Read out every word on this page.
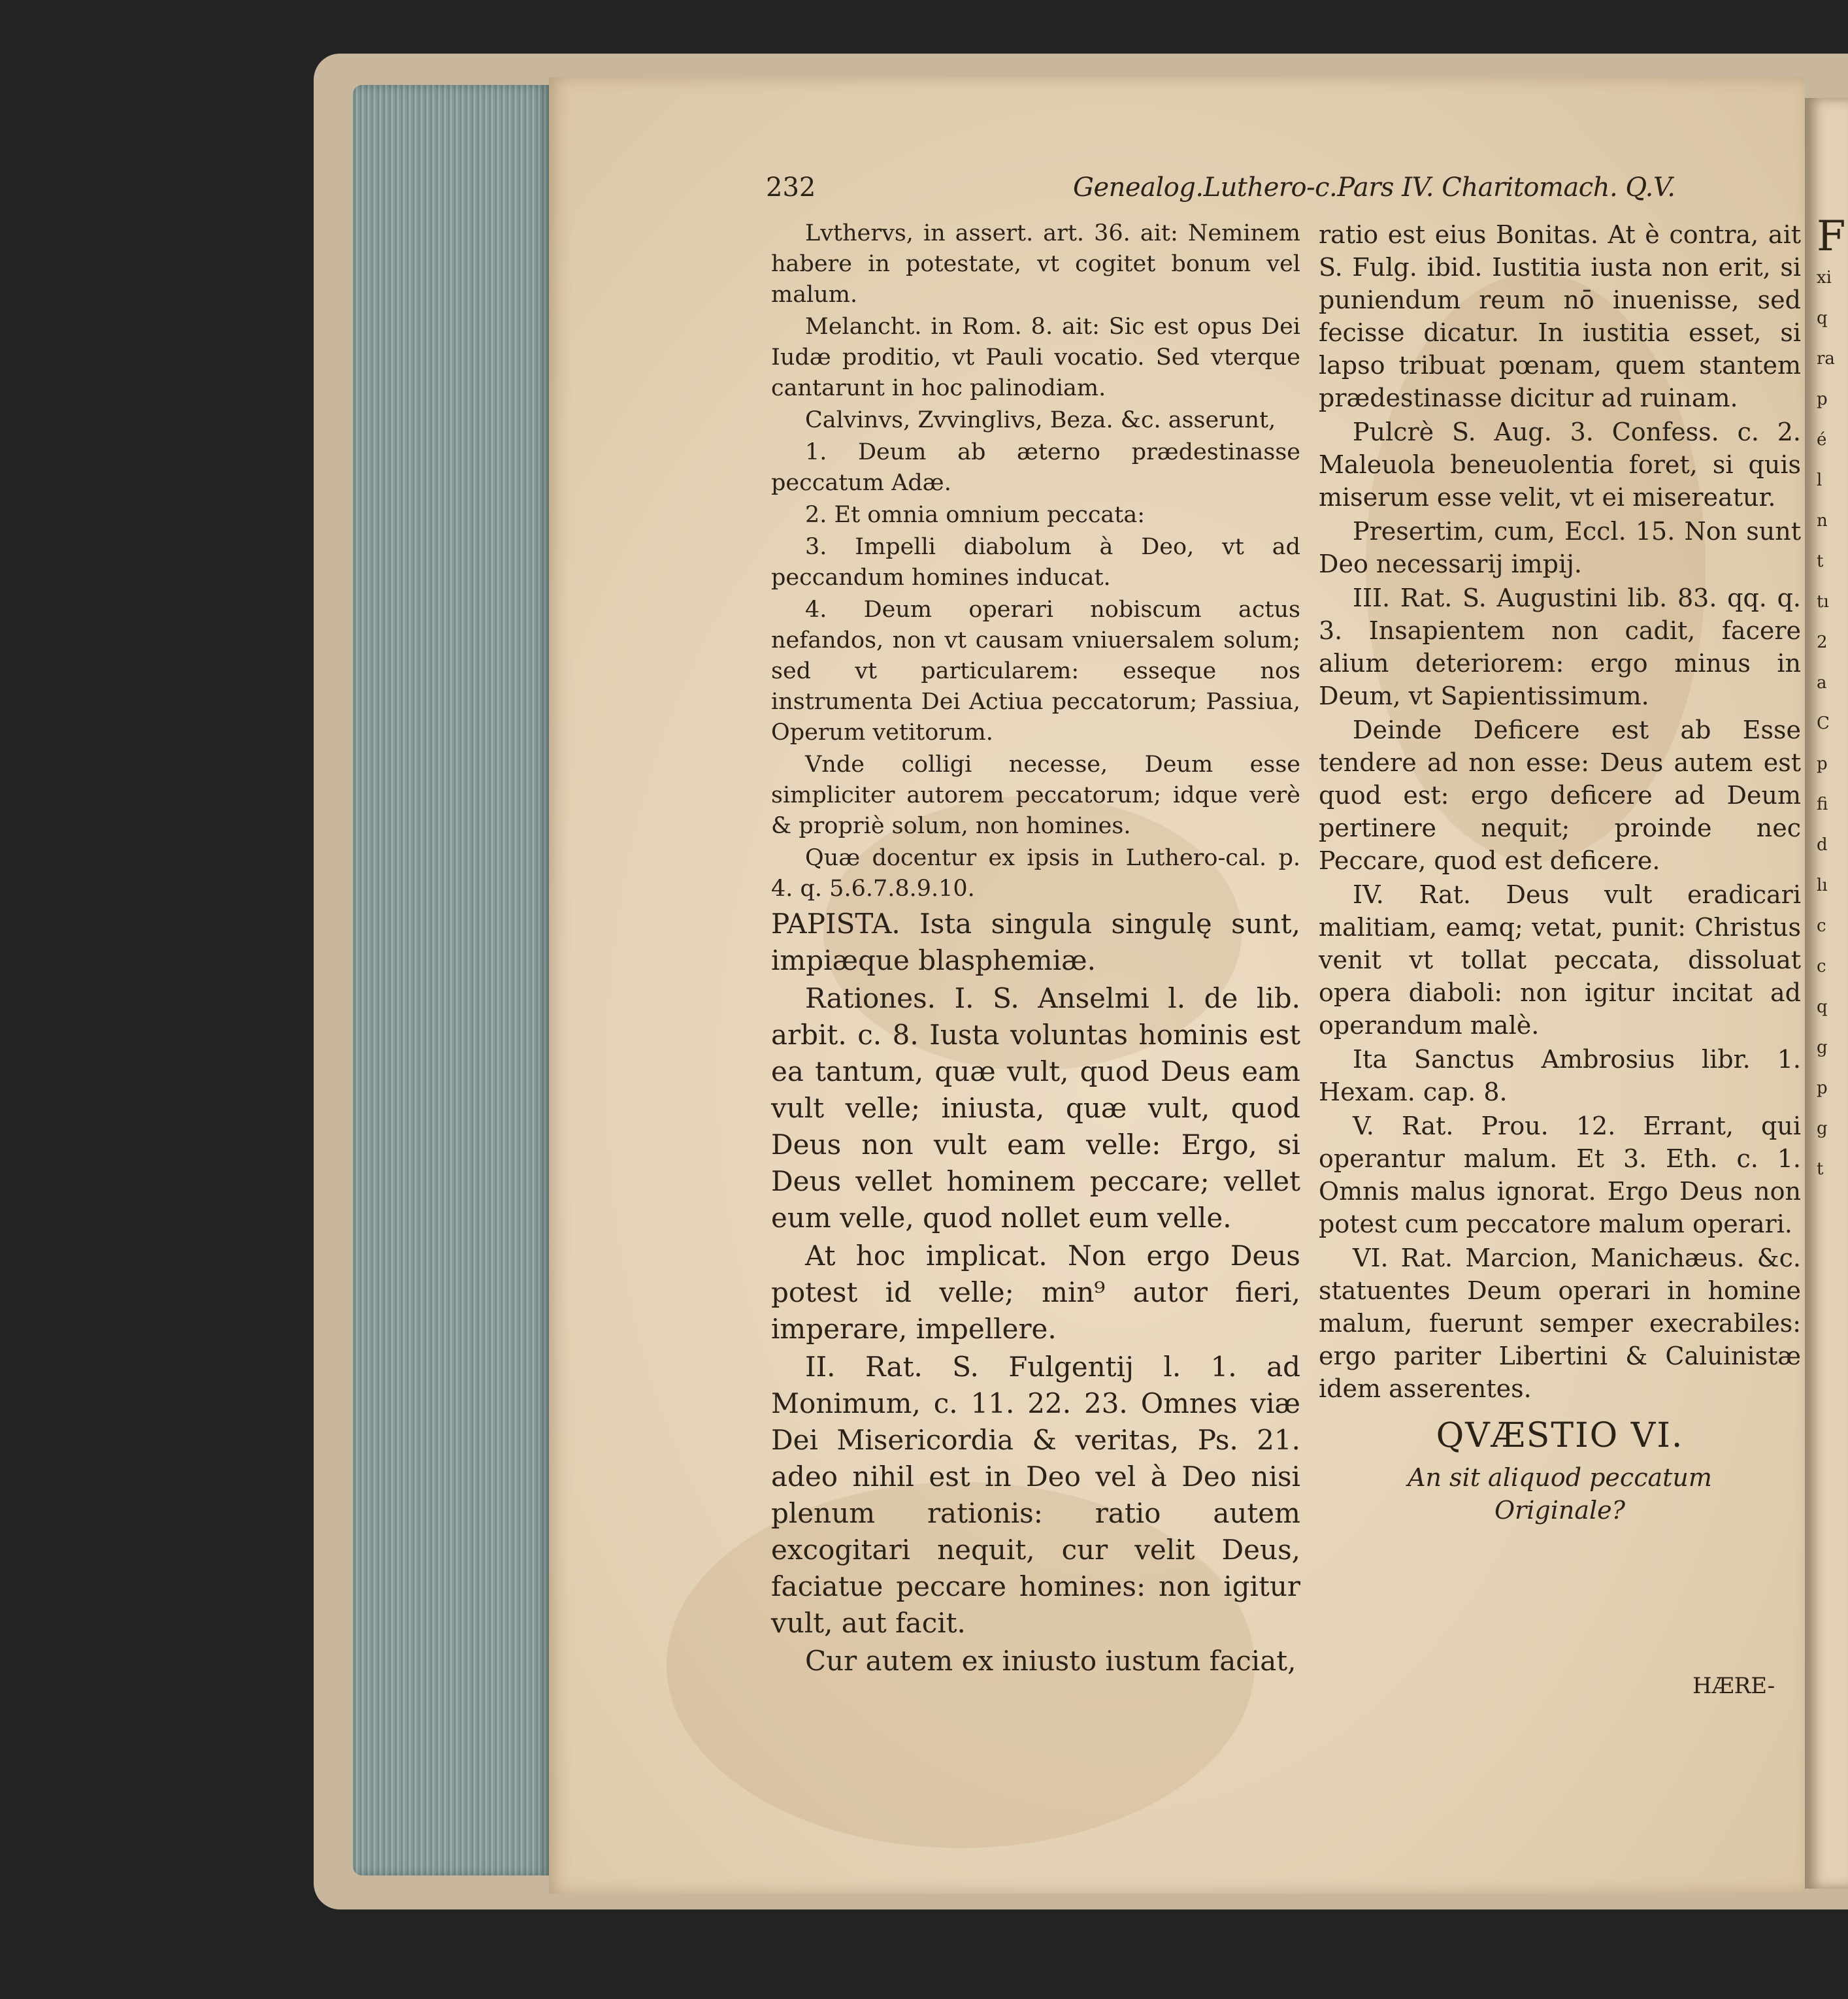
F
xi
q
ra
p
é
l
n
t
tı
2
a
C
p
fi
d
lı
c
c
q
g
p
g
t
232	Genealog.Luthero-c.Pars IV. Charitomach. Q.V.

Lvthervs, in assert. art. 36. ait: Neminem habere in potestate, vt cogitet bonum vel malum.

Melancht. in Rom. 8. ait: Sic est opus Dei Iudæ proditio, vt Pauli vocatio. Sed vterque cantarunt in hoc palinodiam.

Calvinvs, Zvvinglivs, Beza. &c. asserunt,

1. Deum ab æterno prædestinasse peccatum Adæ.

2. Et omnia omnium peccata:

3. Impelli diabolum à Deo, vt ad peccandum homines inducat.

4. Deum operari nobiscum actus nefandos, non vt causam vniuersalem solum; sed vt particularem: esseque nos instrumenta Dei Actiua peccatorum; Passiua, Operum vetitorum.

Vnde colligi necesse, Deum esse simpliciter autorem peccatorum; idque verè & propriè solum, non homines.

Quæ docentur ex ipsis in Luthero-cal. p. 4. q. 5.6.7.8.9.10.

PAPISTA. Ista singula singulę sunt, impiæque blasphemiæ.

Rationes. I. S. Anselmi l. de lib. arbit. c. 8. Iusta voluntas hominis est ea tantum, quæ vult, quod Deus eam vult velle; iniusta, quæ vult, quod Deus non vult eam velle: Ergo, si Deus vellet hominem peccare; vellet eum velle, quod nollet eum velle.

At hoc implicat. Non ergo Deus potest id velle; min⁹ autor fieri, imperare, impellere.

II. Rat. S. Fulgentij l. 1. ad Monimum, c. 11. 22. 23. Omnes viæ Dei Misericordia & veritas, Ps. 21. adeo nihil est in Deo vel à Deo nisi plenum rationis: ratio autem excogitari nequit, cur velit Deus, faciatue peccare homines: non igitur vult, aut facit.

Cur autem ex iniusto iustum faciat,

ratio est eius Bonitas. At è contra, ait S. Fulg. ibid. Iustitia iusta non erit, si puniendum reum nō inuenisse, sed fecisse dicatur. In iustitia esset, si lapso tribuat pœnam, quem stantem prædestinasse dicitur ad ruinam.

Pulcrè S. Aug. 3. Confess. c. 2. Maleuola beneuolentia foret, si quis miserum esse velit, vt ei misereatur.

Presertim, cum, Eccl. 15. Non sunt Deo necessarij impij.

III. Rat. S. Augustini lib. 83. qq. q. 3. Insapientem non cadit, facere alium deteriorem: ergo minus in Deum, vt Sapientissimum.

Deinde Deficere est ab Esse tendere ad non esse: Deus autem est quod est: ergo deficere ad Deum pertinere nequit; proinde nec Peccare, quod est deficere.

IV. Rat. Deus vult eradicari malitiam, eamq; vetat, punit: Christus venit vt tollat peccata, dissoluat opera diaboli: non igitur incitat ad operandum malè.

Ita Sanctus Ambrosius libr. 1. Hexam. cap. 8.

V. Rat. Prou. 12. Errant, qui operantur malum. Et 3. Eth. c. 1. Omnis malus ignorat. Ergo Deus non potest cum peccatore malum operari.

VI. Rat. Marcion, Manichæus. &c. statuentes Deum operari in homine malum, fuerunt semper execrabiles: ergo pariter Libertini & Caluinistæ idem asserentes.

QVÆSTIO VI.
An sit aliquod peccatum Originale?
HÆRE-
